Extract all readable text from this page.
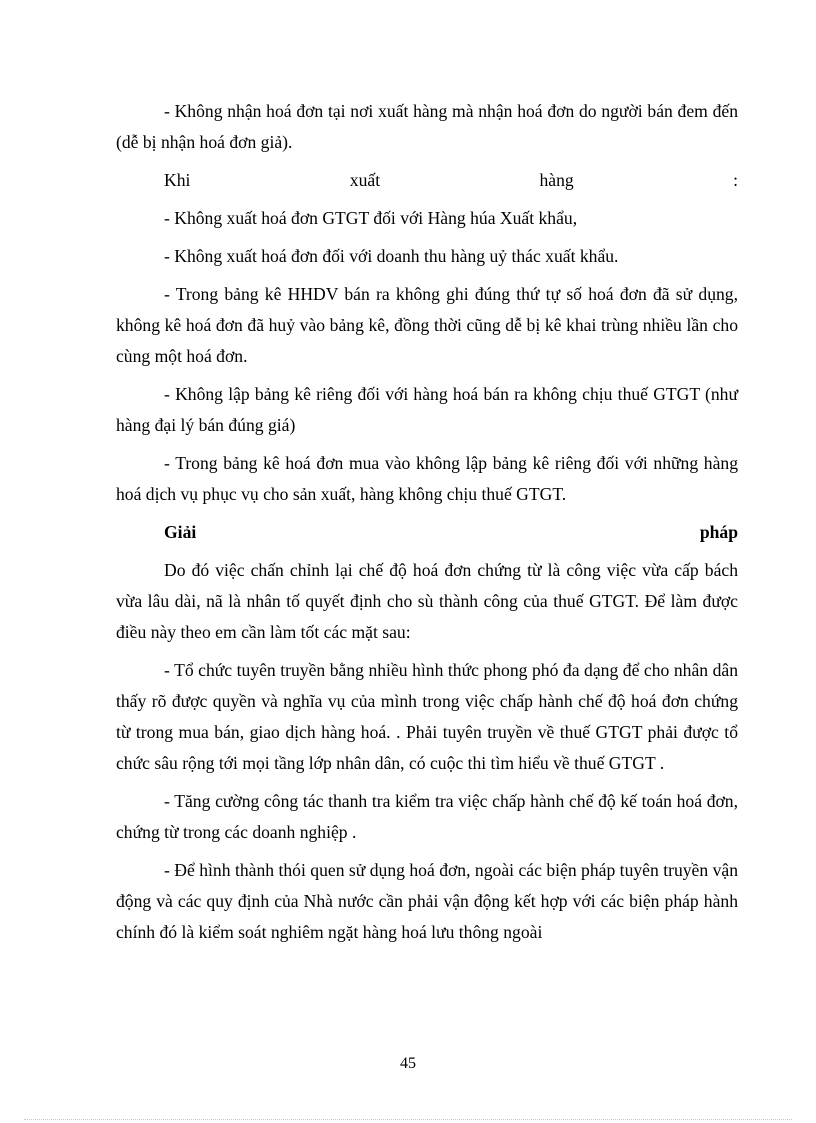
- Không nhận hoá đơn tại nơi xuất hàng mà nhận hoá đơn do người bán đem đến (dễ bị nhận hoá đơn giả).

Khi	xuất	hàng	:

- Không xuất hoá đơn GTGT đối với Hàng húa Xuất khẩu,

- Không xuất hoá đơn đối với doanh thu hàng uỷ thác xuất khẩu.

- Trong bảng kê HHDV bán ra không ghi đúng thứ tự số hoá đơn đã sử dụng, không kê hoá đơn đã huỷ vào bảng kê, đồng thời cũng dễ bị kê khai trùng nhiều lần cho cùng một hoá đơn.

- Không lập bảng kê riêng đối với hàng hoá bán ra không chịu thuế GTGT (như hàng đại lý bán đúng giá)

- Trong bảng kê hoá đơn mua vào không lập bảng kê riêng đối với những hàng hoá dịch vụ phục vụ cho sản xuất, hàng không chịu thuế GTGT.

Giải	pháp

Do đó việc chấn chỉnh lại chế độ hoá đơn chứng từ là công việc vừa cấp bách vừa lâu dài, nã là nhân tố quyết định cho sù thành công của thuế GTGT. Để làm được điều này theo em cần làm tốt các mặt sau:

- Tổ chức tuyên truyền bằng nhiều hình thức phong phó đa dạng để cho nhân dân thấy rõ được quyền và nghĩa vụ của mình trong việc chấp hành chế độ hoá đơn chứng từ trong mua bán, giao dịch hàng hoá. . Phải tuyên truyền về thuế GTGT phải được tổ chức sâu rộng tới mọi tầng lớp nhân dân, có cuộc thi tìm hiểu về thuế GTGT .

- Tăng cường công tác thanh tra kiểm tra việc chấp hành chế độ kế toán hoá đơn, chứng từ trong các doanh nghiệp .

- Để hình thành thói quen sử dụng hoá đơn, ngoài các biện pháp tuyên truyền vận động và các quy định của Nhà nước cần phải vận động kết hợp với các biện pháp hành chính đó là kiểm soát nghiêm ngặt hàng hoá lưu thông ngoài

45
